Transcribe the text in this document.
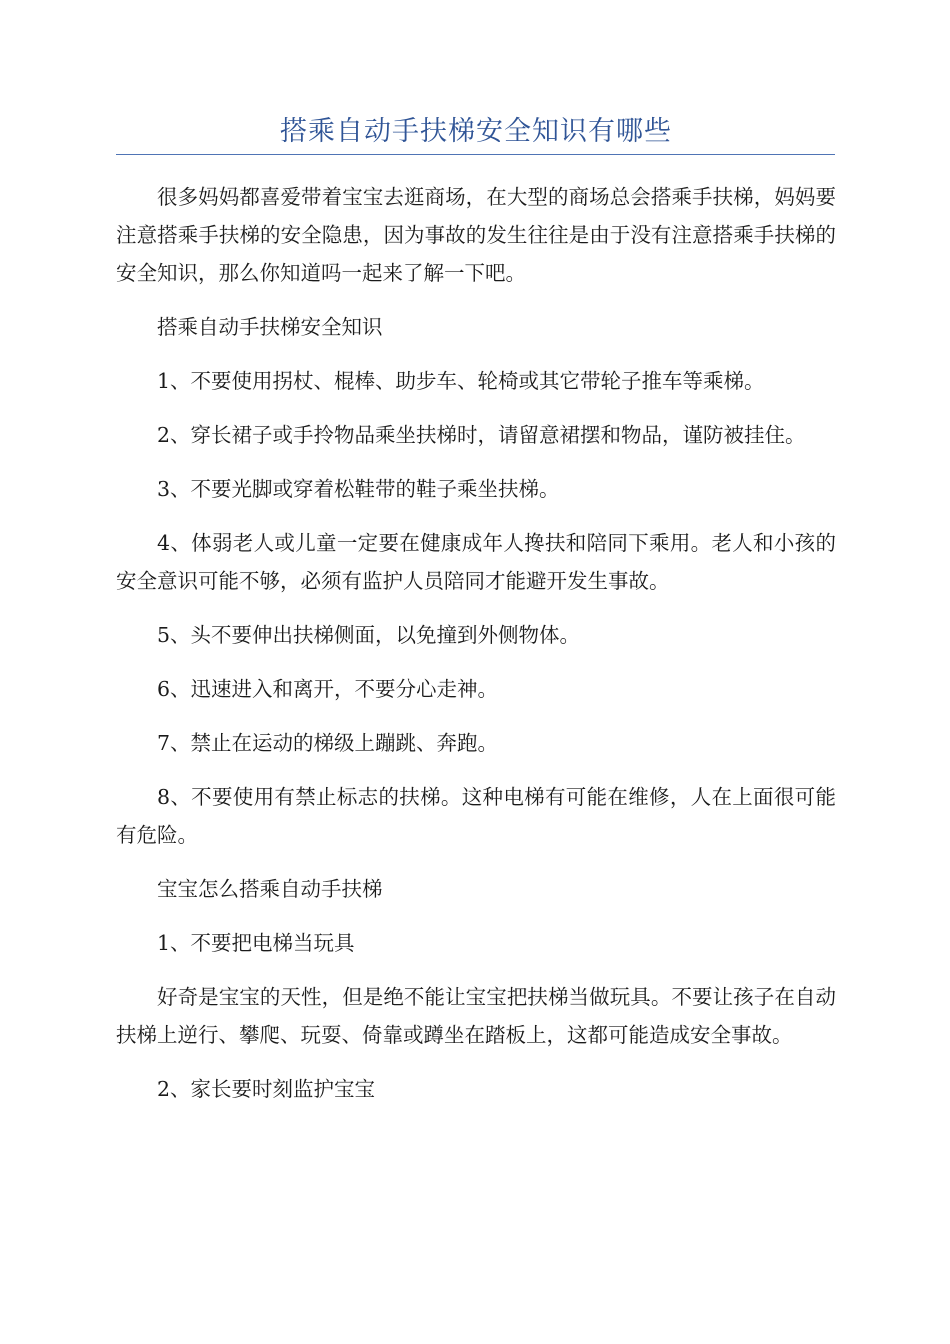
搭乘自动手扶梯安全知识有哪些

很多妈妈都喜爱带着宝宝去逛商场，在大型的商场总会搭乘手扶梯，妈妈要注意搭乘手扶梯的安全隐患，因为事故的发生往往是由于没有注意搭乘手扶梯的安全知识，那么你知道吗一起来了解一下吧。

搭乘自动手扶梯安全知识

1、不要使用拐杖、棍棒、助步车、轮椅或其它带轮子推车等乘梯。

2、穿长裙子或手拎物品乘坐扶梯时，请留意裙摆和物品，谨防被挂住。

3、不要光脚或穿着松鞋带的鞋子乘坐扶梯。

4、体弱老人或儿童一定要在健康成年人搀扶和陪同下乘用。老人和小孩的安全意识可能不够，必须有监护人员陪同才能避开发生事故。

5、头不要伸出扶梯侧面，以免撞到外侧物体。

6、迅速进入和离开，不要分心走神。

7、禁止在运动的梯级上蹦跳、奔跑。

8、不要使用有禁止标志的扶梯。这种电梯有可能在维修，人在上面很可能有危险。

宝宝怎么搭乘自动手扶梯

1、不要把电梯当玩具

好奇是宝宝的天性，但是绝不能让宝宝把扶梯当做玩具。不要让孩子在自动扶梯上逆行、攀爬、玩耍、倚靠或蹲坐在踏板上，这都可能造成安全事故。

2、家长要时刻监护宝宝
